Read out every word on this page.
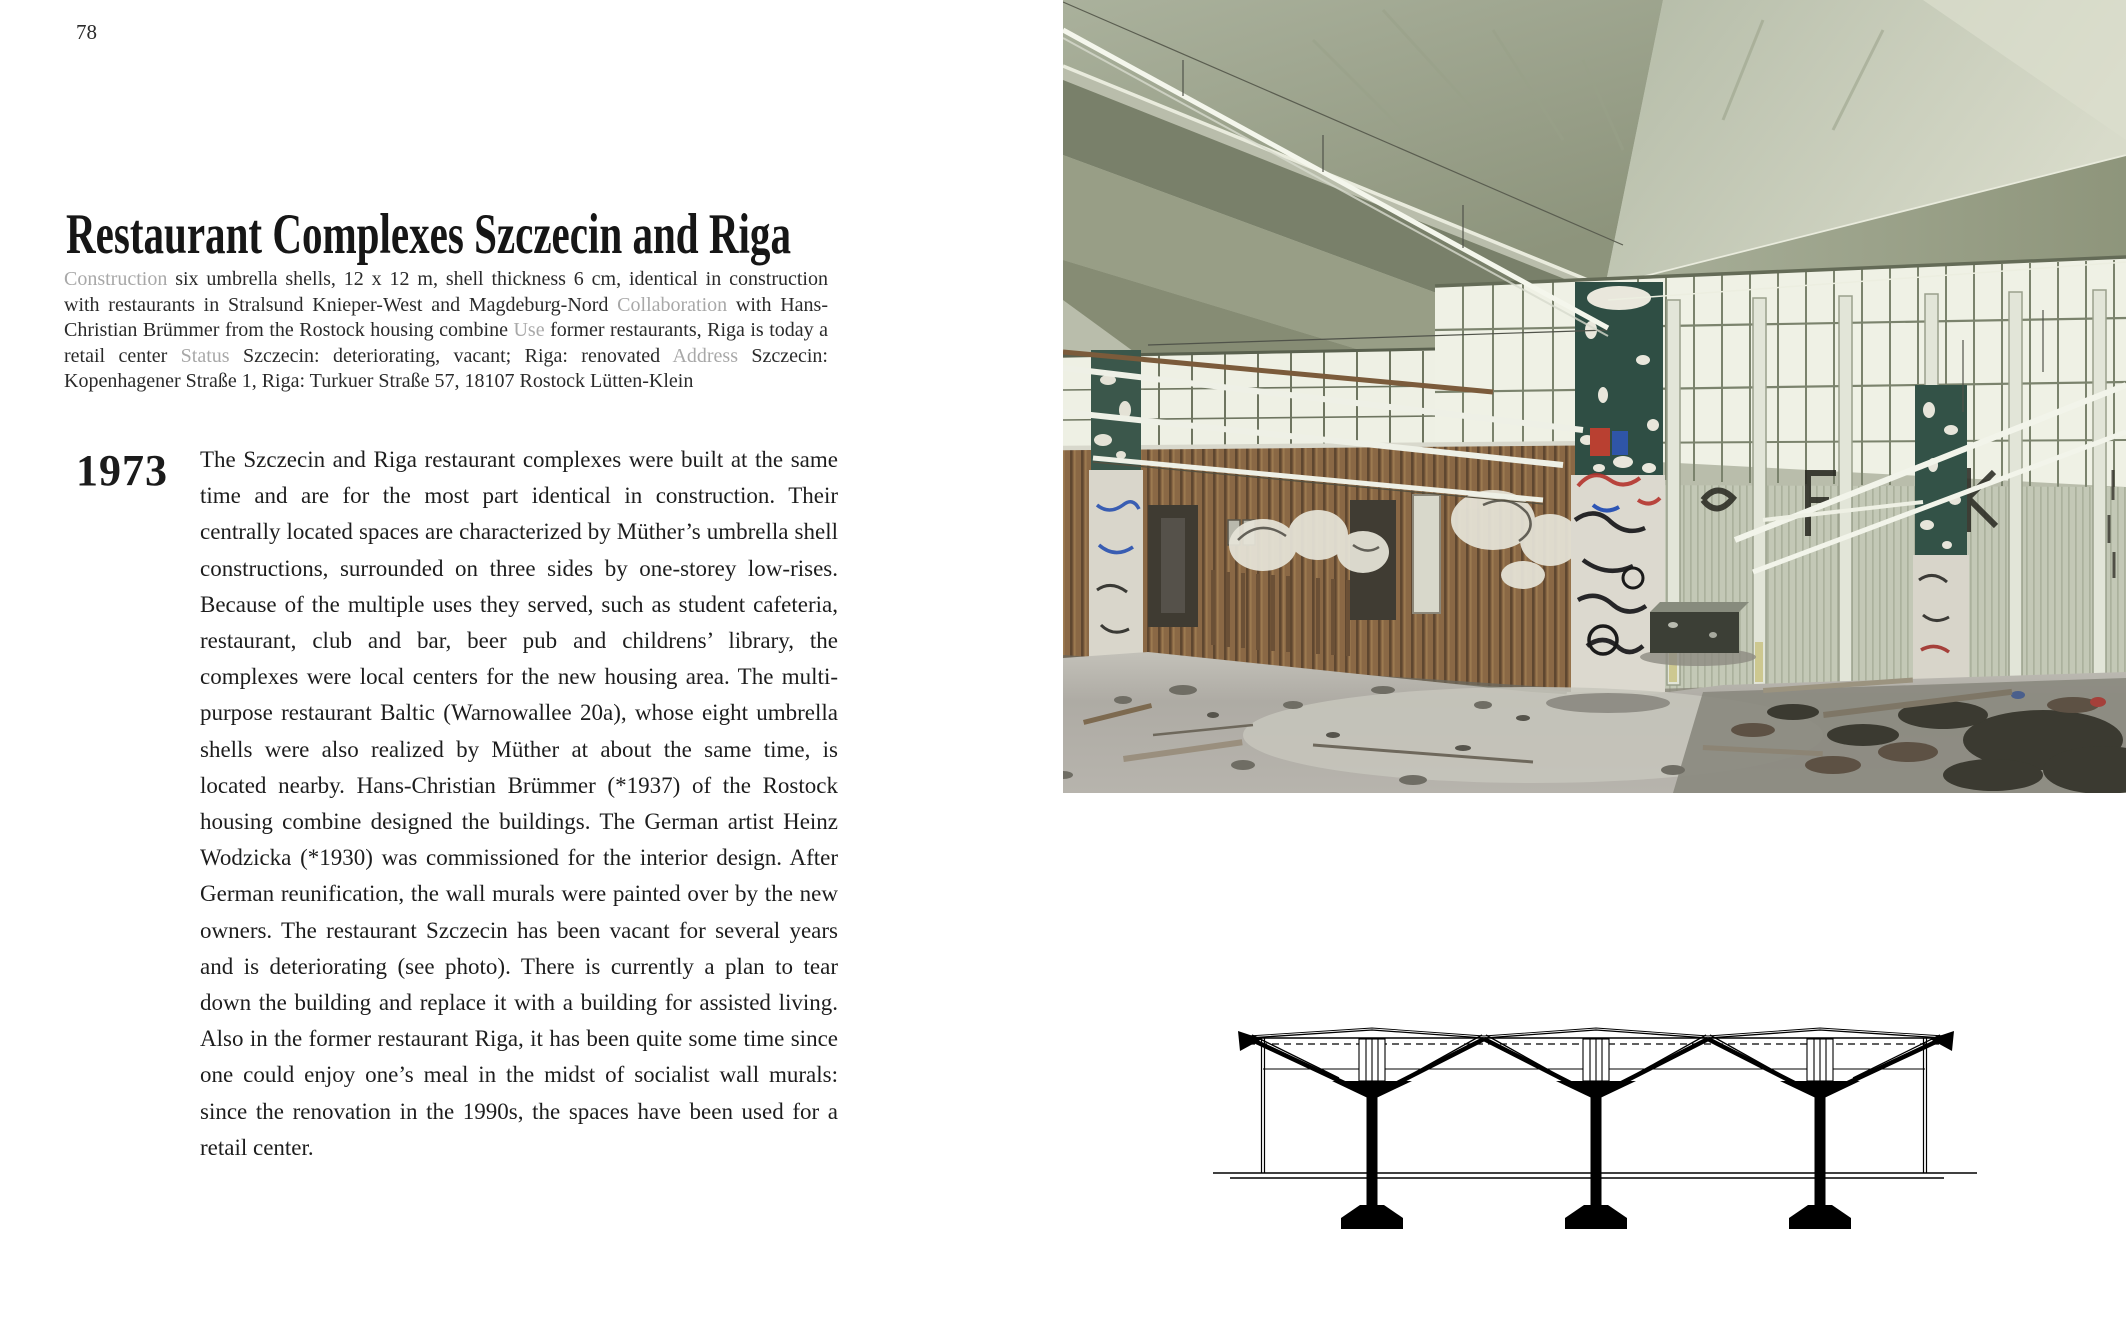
78
Restaurant Complexes Szczecin and Riga

Construction six umbrella shells, 12 x 12 m, shell thickness 6 cm, identical in construction with restaurants in Stralsund Knieper-West and Magdeburg-Nord Collaboration with Hans-Christian Brümmer from the Rostock housing combine Use former restaurants, Riga is today a retail center Status Szczecin: deteriorating, vacant; Riga: renovated Address Szczecin: Kopenhagener Straße 1, Riga: Turkuer Straße 57, 18107 Rostock Lütten-Klein

1973 The Szczecin and Riga restaurant complexes were built at the same time and are for the most part identical in construction. Their centrally located spaces are characterized by Müther’s umbrella shell constructions, surrounded on three sides by one-storey low-rises. Because of the multiple uses they served, such as student cafeteria, restaurant, club and bar, beer pub and childrens’ library, the complexes were local centers for the new housing area. The multi-purpose restaurant Baltic (Warnowallee 20a), whose eight umbrella shells were also realized by Müther at about the same time, is located nearby. Hans-Christian Brümmer (*1937) of the Rostock housing combine designed the buildings. The German artist Heinz Wodzicka (*1930) was commissioned for the interior design. After German reunification, the wall murals were painted over by the new owners. The restaurant Szczecin has been vacant for several years and is deteriorating (see photo). There is currently a plan to tear down the building and replace it with a building for assisted living. Also in the former restaurant Riga, it has been quite some time since one could enjoy one’s meal in the midst of socialist wall murals: since the renovation in the 1990s, the spaces have been used for a retail center.
